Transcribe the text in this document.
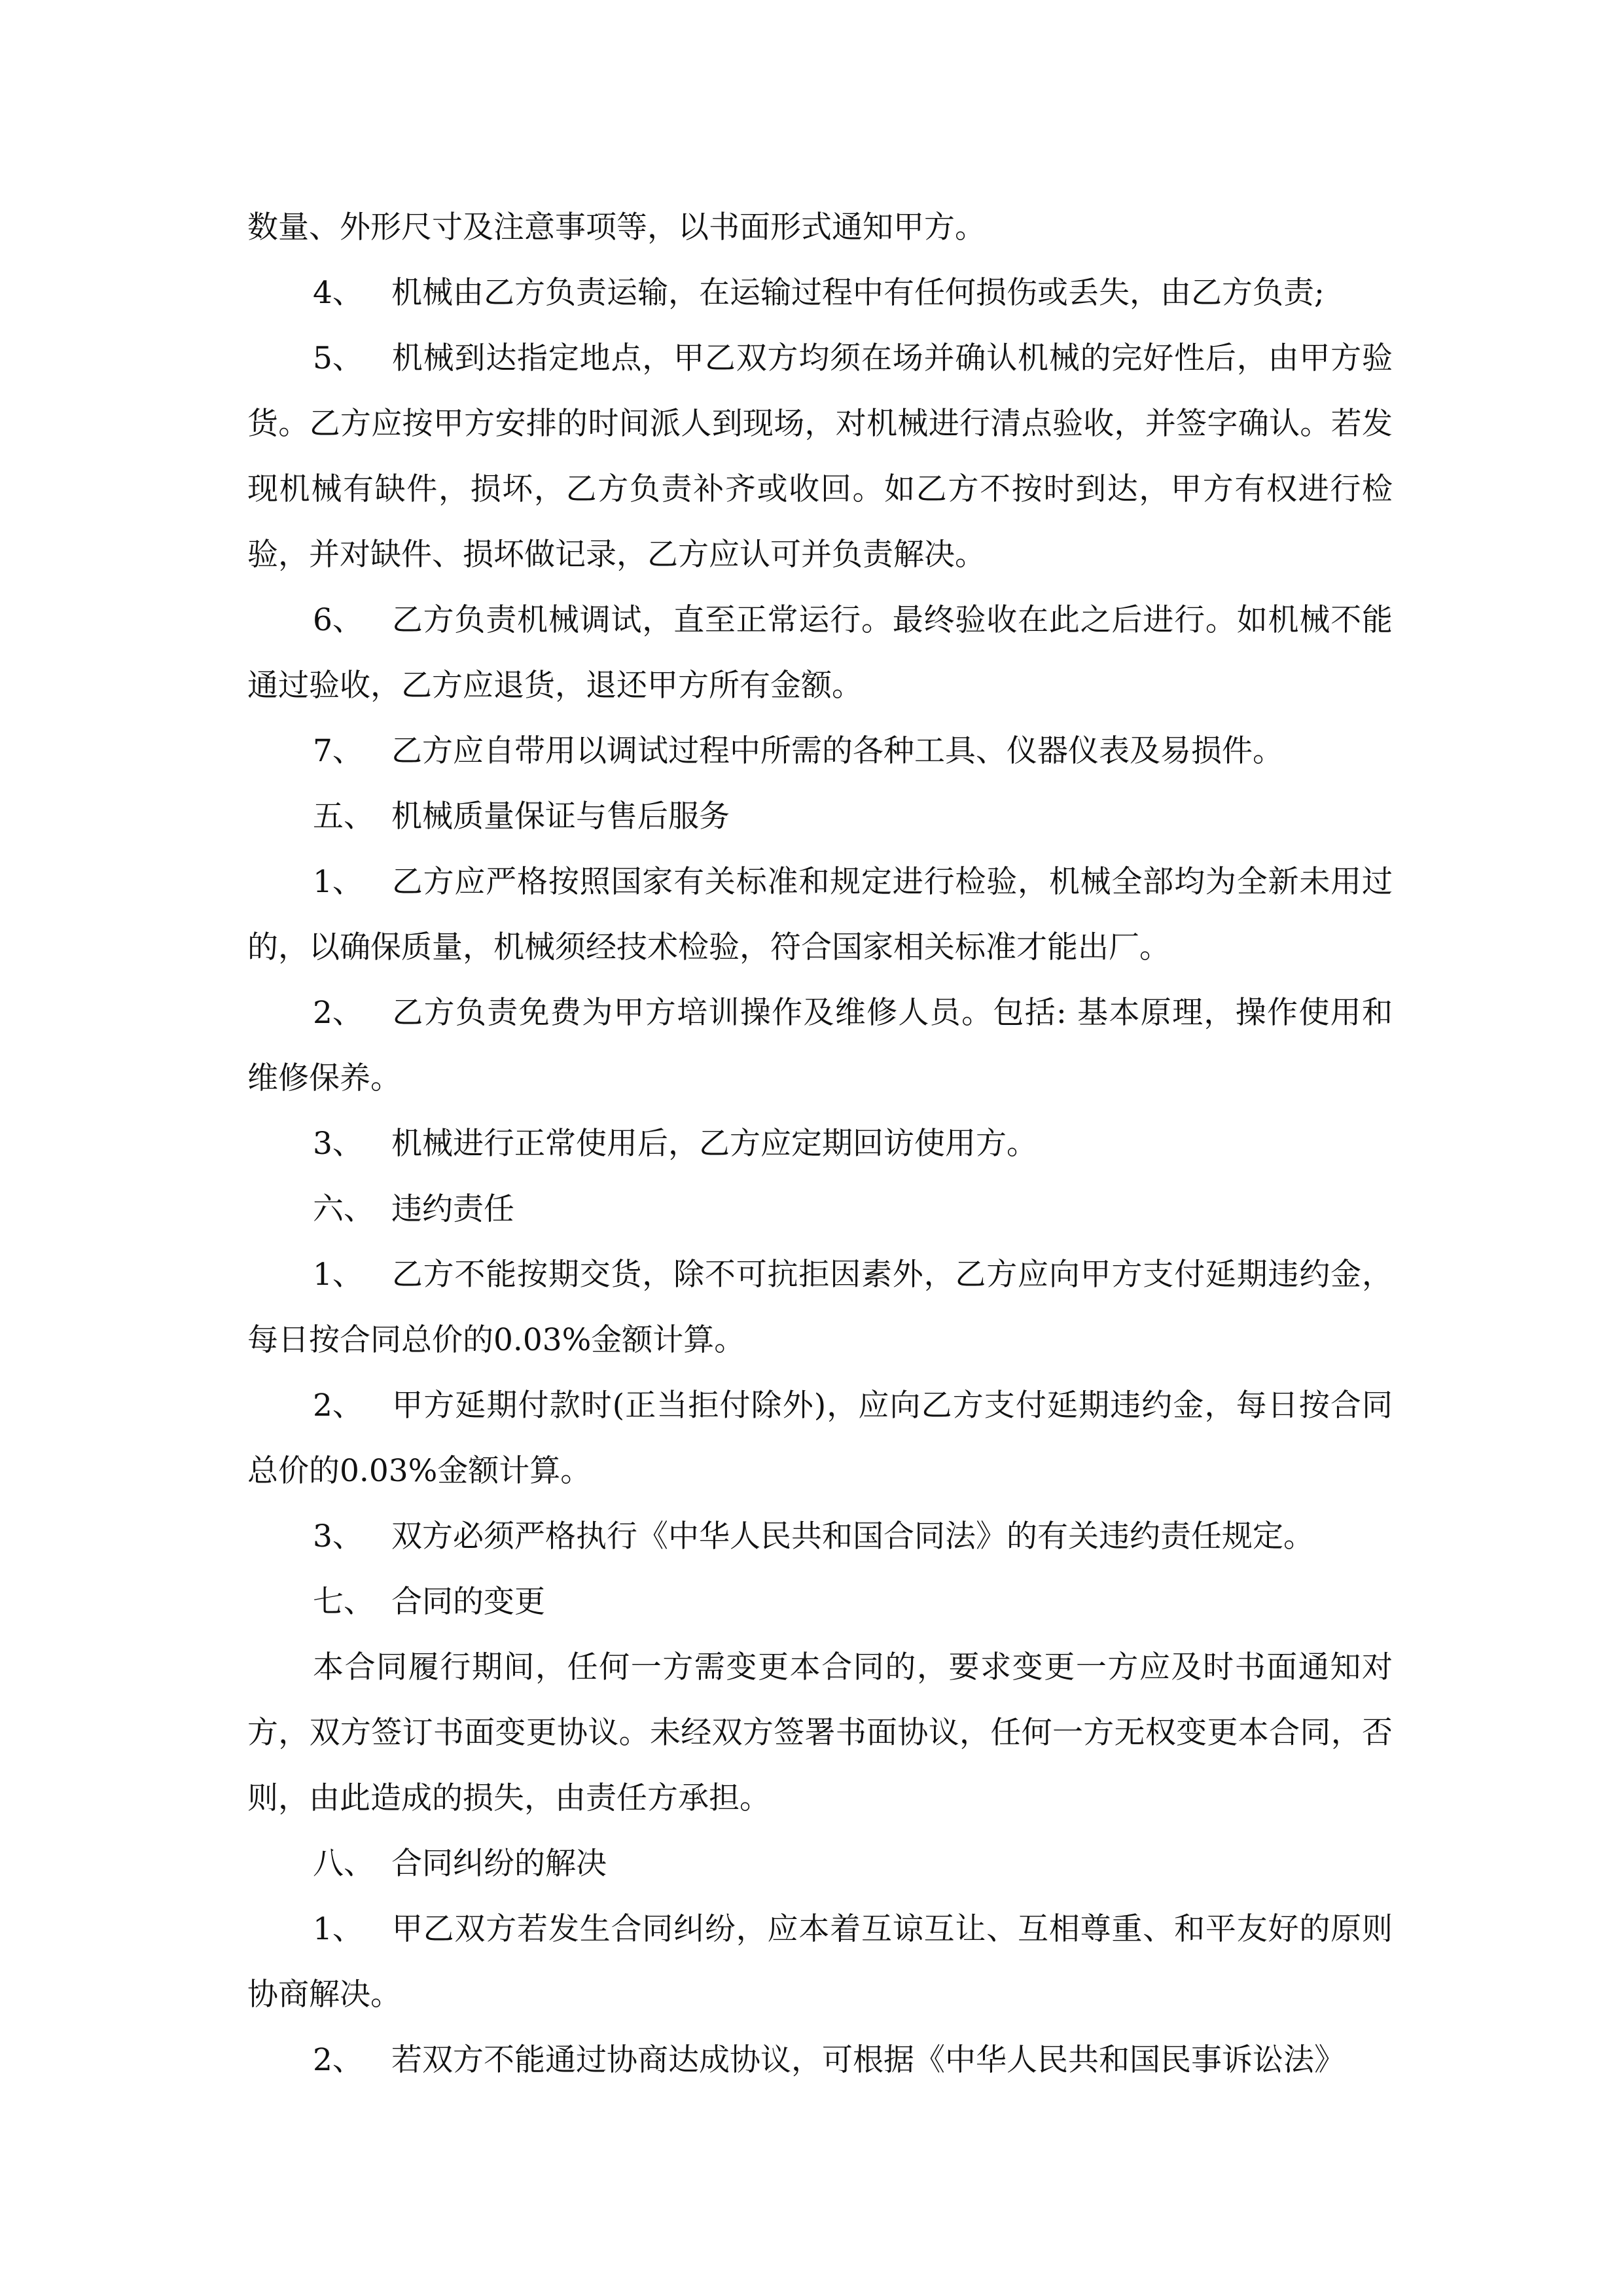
数量、外形尺寸及注意事项等，以书面形式通知甲方。

4、 机械由乙方负责运输，在运输过程中有任何损伤或丢失，由乙方负责;

5、 机械到达指定地点，甲乙双方均须在场并确认机械的完好性后，由甲方验货。乙方应按甲方安排的时间派人到现场，对机械进行清点验收，并签字确认。若发现机械有缺件，损坏，乙方负责补齐或收回。如乙方不按时到达，甲方有权进行检验，并对缺件、损坏做记录，乙方应认可并负责解决。

6、 乙方负责机械调试，直至正常运行。最终验收在此之后进行。如机械不能通过验收，乙方应退货，退还甲方所有金额。

7、 乙方应自带用以调试过程中所需的各种工具、仪器仪表及易损件。

五、 机械质量保证与售后服务

1、 乙方应严格按照国家有关标准和规定进行检验，机械全部均为全新未用过的，以确保质量，机械须经技术检验，符合国家相关标准才能出厂。

2、 乙方负责免费为甲方培训操作及维修人员。包括: 基本原理，操作使用和维修保养。

3、 机械进行正常使用后，乙方应定期回访使用方。

六、 违约责任

1、 乙方不能按期交货，除不可抗拒因素外，乙方应向甲方支付延期违约金，每日按合同总价的0.03%金额计算。

2、 甲方延期付款时(正当拒付除外)，应向乙方支付延期违约金，每日按合同总价的0.03%金额计算。

3、 双方必须严格执行《中华人民共和国合同法》的有关违约责任规定。

七、 合同的变更

本合同履行期间，任何一方需变更本合同的，要求变更一方应及时书面通知对方，双方签订书面变更协议。未经双方签署书面协议，任何一方无权变更本合同，否则，由此造成的损失，由责任方承担。

八、 合同纠纷的解决

1、 甲乙双方若发生合同纠纷，应本着互谅互让、互相尊重、和平友好的原则协商解决。

2、 若双方不能通过协商达成协议，可根据《中华人民共和国民事诉讼法》
